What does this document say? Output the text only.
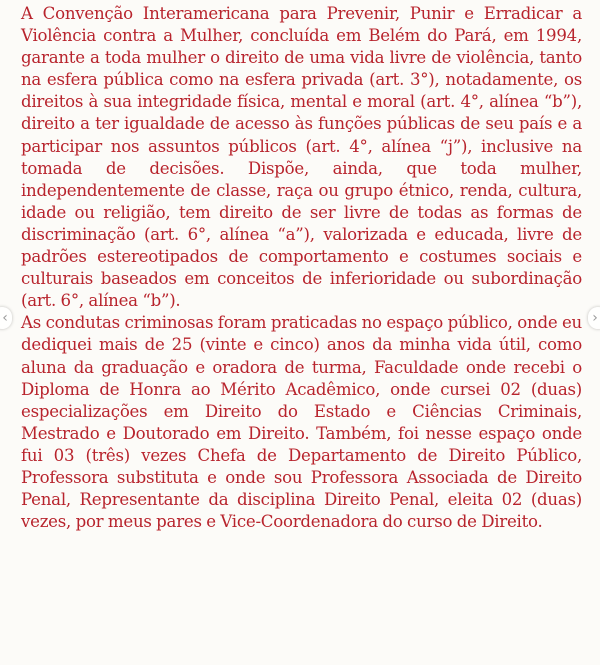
A Convenção Interamericana para Prevenir, Punir e Erradicar a Violência contra a Mulher, concluída em Belém do Pará, em 1994, garante a toda mulher o direito de uma vida livre de violência, tanto na esfera pública como na esfera privada (art. 3°), notadamente, os direitos à sua integridade física, mental e moral (art. 4°, alínea “b”), direito a ter igualdade de acesso às funções públicas de seu país e a participar nos assuntos públicos (art. 4°, alínea “j”), inclusive na tomada de decisões. Dispõe, ainda, que toda mulher, independentemente de classe, raça ou grupo étnico, renda, cultura, idade ou religião, tem direito de ser livre de todas as formas de discriminação (art. 6°, alínea “a”), valorizada e educada, livre de padrões estereotipados de comportamento e costumes sociais e culturais baseados em conceitos de inferioridade ou subordinação (art. 6°, alínea “b”).

As condutas criminosas foram praticadas no espaço público, onde eu dediquei mais de 25 (vinte e cinco) anos da minha vida útil, como aluna da graduação e oradora de turma, Faculdade onde recebi o Diploma de Honra ao Mérito Acadêmico, onde cursei 02 (duas) especializações em Direito do Estado e Ciências Criminais, Mestrado e Doutorado em Direito. Também, foi nesse espaço onde fui 03 (três) vezes Chefa de Departamento de Direito Público, Professora substituta e onde sou Professora Associada de Direito Penal, Representante da disciplina Direito Penal, eleita 02 (duas) vezes, por meus pares e Vice-Coordenadora do curso de Direito.

‹	›
